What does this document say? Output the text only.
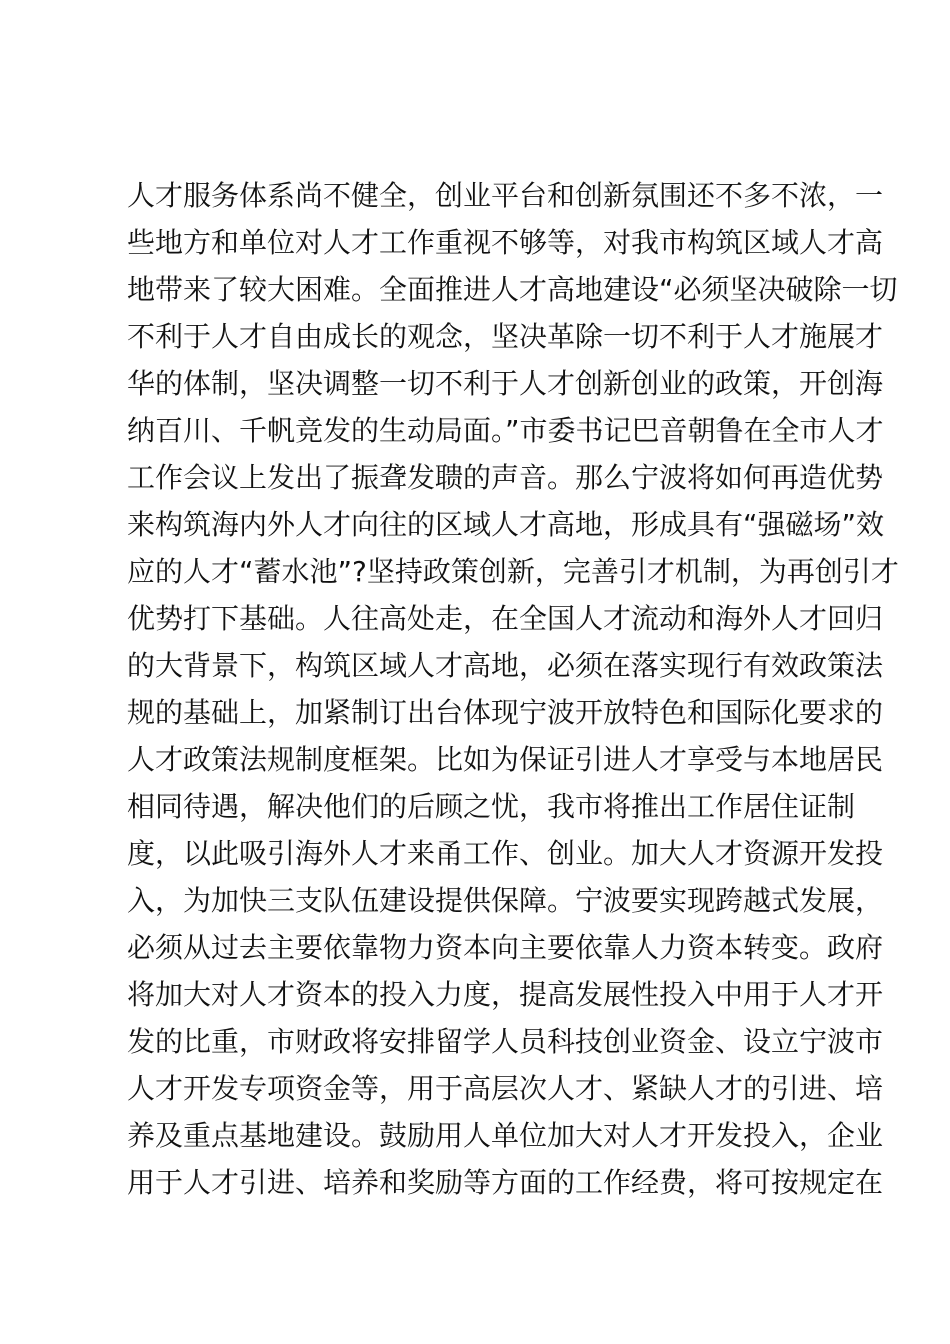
人才服务体系尚不健全，创业平台和创新氛围还不多不浓，一
些地方和单位对人才工作重视不够等，对我市构筑区域人才高
地带来了较大困难。全面推进人才高地建设“必须坚决破除一切
不利于人才自由成长的观念，坚决革除一切不利于人才施展才
华的体制，坚决调整一切不利于人才创新创业的政策，开创海
纳百川、千帆竞发的生动局面。”市委书记巴音朝鲁在全市人才
工作会议上发出了振聋发聩的声音。那么宁波将如何再造优势
来构筑海内外人才向往的区域人才高地，形成具有“强磁场”效
应的人才“蓄水池”?坚持政策创新，完善引才机制，为再创引才
优势打下基础。人往高处走，在全国人才流动和海外人才回归
的大背景下，构筑区域人才高地，必须在落实现行有效政策法
规的基础上，加紧制订出台体现宁波开放特色和国际化要求的
人才政策法规制度框架。比如为保证引进人才享受与本地居民
相同待遇，解决他们的后顾之忧，我市将推出工作居住证制
度，以此吸引海外人才来甬工作、创业。加大人才资源开发投
入，为加快三支队伍建设提供保障。宁波要实现跨越式发展，
必须从过去主要依靠物力资本向主要依靠人力资本转变。政府
将加大对人才资本的投入力度，提高发展性投入中用于人才开
发的比重，市财政将安排留学人员科技创业资金、设立宁波市
人才开发专项资金等，用于高层次人才、紧缺人才的引进、培
养及重点基地建设。鼓励用人单位加大对人才开发投入，企业
用于人才引进、培养和奖励等方面的工作经费，将可按规定在
